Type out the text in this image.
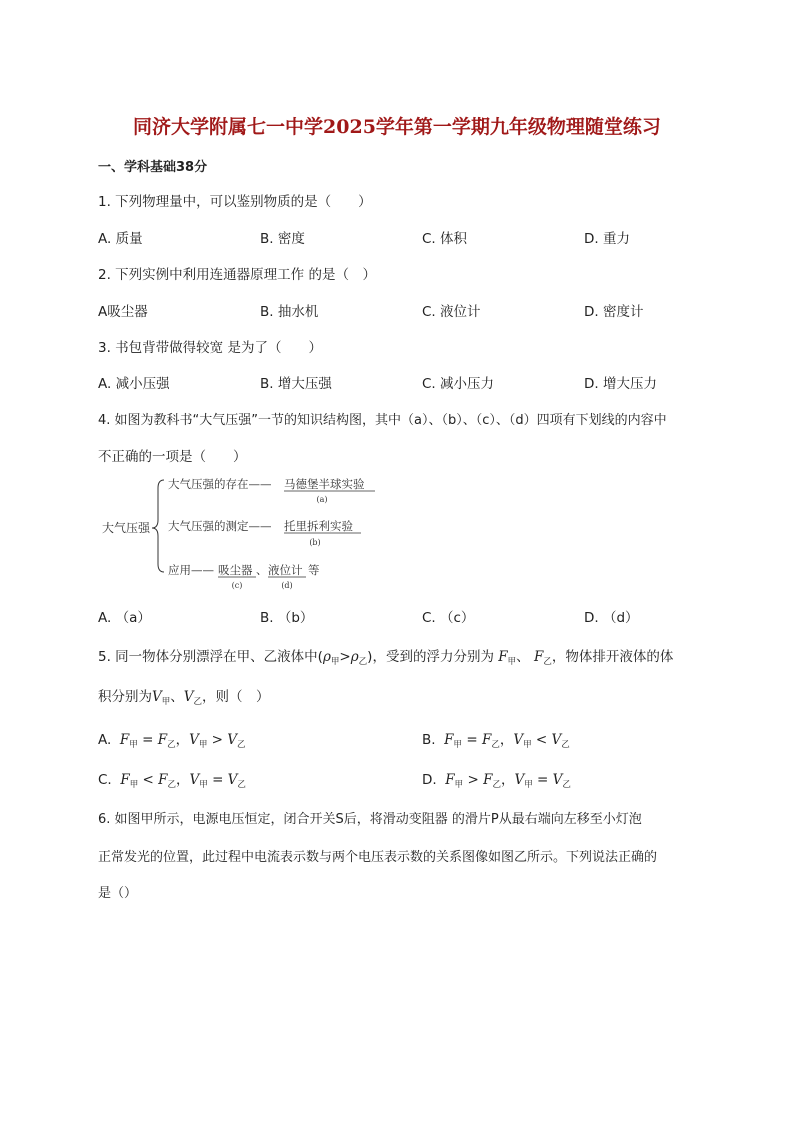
同济大学附属七一中学2025学年第一学期九年级物理随堂练习
一、学科基础38分
1. 下列物理量中，可以鉴别物质的是（　　）
A. 质量	B. 密度	C. 体积	D. 重力
2. 下列实例中利用连通器原理工作 的是（　）
A吸尘器	B. 抽水机	C. 液位计	D. 密度计
3. 书包背带做得较宽 是为了（　　）
A. 减小压强	B. 增大压强	C. 减小压力	D. 增大压力
4. 如图为教科书“大气压强”一节的知识结构图，其中（a）、（b）、（c）、（d）四项有下划线的内容中
不正确的一项是（　　）
大气压强
大气压强的存在—— 马德堡半球实验
(a)
大气压强的测定—— 托里拆利实验
(b)
应用—— 吸尘器 、 液位计 等
(c)	(d)
A. （a）	B. （b）	C. （c）	D. （d）
5. 同一物体分别漂浮在甲、乙液体中$(\rho_甲>\rho_乙)$，受到的浮力分别为 $F_甲$、 $F_乙$，物体排开液体的体
积分别为$V_甲$、$V_乙$，则（　）
A. $F_甲 = F_乙$，$V_甲 > V_乙$	B. $F_甲 = F_乙$，$V_甲 < V_乙$
C. $F_甲 < F_乙$，$V_甲 = V_乙$	D. $F_甲 > F_乙$，$V_甲 = V_乙$
6. 如图甲所示，电源电压恒定，闭合开关S后，将滑动变阻器 的滑片P从最右端向左移至小灯泡
正常发光的位置，此过程中电流表示数与两个电压表示数的关系图像如图乙所示。下列说法正确的
是（）
